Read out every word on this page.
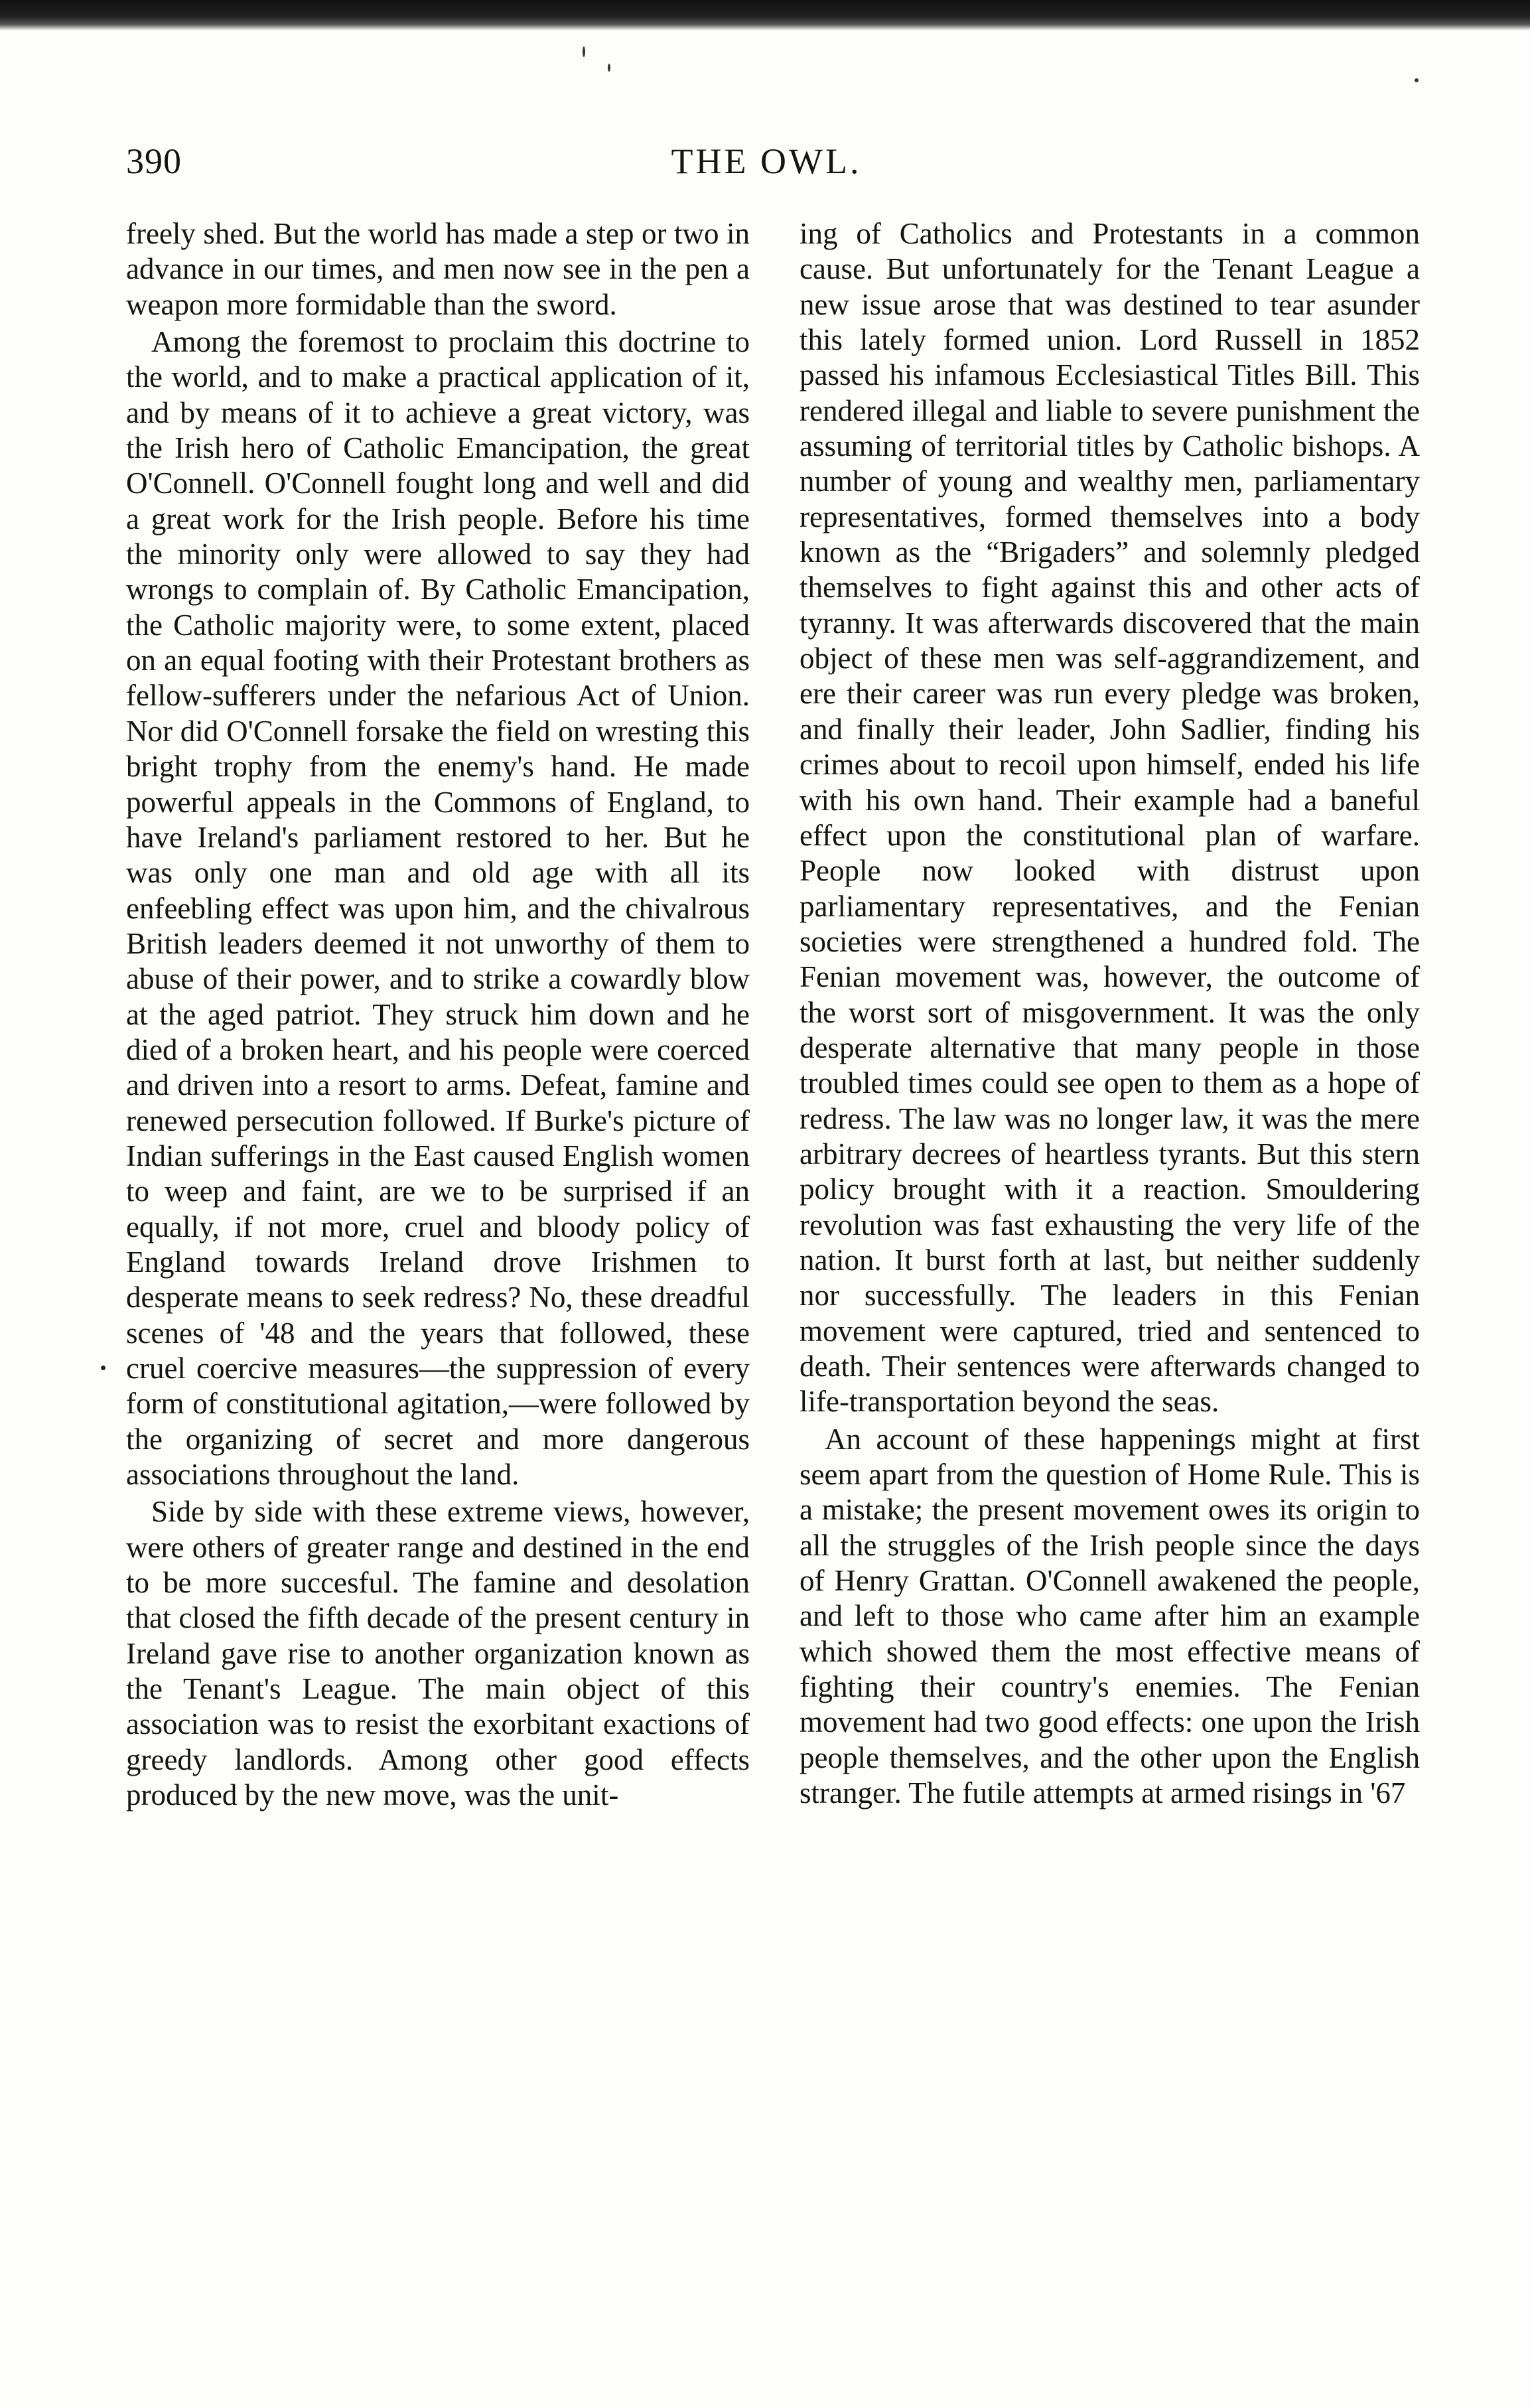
390	THE OWL.

freely shed. But the world has made a step or two in advance in our times, and men now see in the pen a weapon more formidable than the sword.

Among the foremost to proclaim this doctrine to the world, and to make a practical application of it, and by means of it to achieve a great victory, was the Irish hero of Catholic Emancipation, the great O'Connell. O'Connell fought long and well and did a great work for the Irish people. Before his time the minority only were allowed to say they had wrongs to complain of. By Catholic Emancipation, the Catholic majority were, to some extent, placed on an equal footing with their Protestant brothers as fellow-sufferers under the nefarious Act of Union. Nor did O'Connell forsake the field on wresting this bright trophy from the enemy's hand. He made powerful appeals in the Commons of England, to have Ireland's parliament restored to her. But he was only one man and old age with all its enfeebling effect was upon him, and the chivalrous British leaders deemed it not unworthy of them to abuse of their power, and to strike a cowardly blow at the aged patriot. They struck him down and he died of a broken heart, and his people were coerced and driven into a resort to arms. Defeat, famine and renewed persecution followed. If Burke's picture of Indian sufferings in the East caused English women to weep and faint, are we to be surprised if an equally, if not more, cruel and bloody policy of England towards Ireland drove Irishmen to desperate means to seek redress? No, these dreadful scenes of '48 and the years that followed, these cruel coercive measures—the suppression of every form of constitutional agitation,—were followed by the organizing of secret and more dangerous associations throughout the land.

Side by side with these extreme views, however, were others of greater range and destined in the end to be more succesful. The famine and desolation that closed the fifth decade of the present century in Ireland gave rise to another organization known as the Tenant's League. The main object of this association was to resist the exorbitant exactions of greedy landlords. Among other good effects produced by the new move, was the unit-

ing of Catholics and Protestants in a common cause. But unfortunately for the Tenant League a new issue arose that was destined to tear asunder this lately formed union. Lord Russell in 1852 passed his infamous Ecclesiastical Titles Bill. This rendered illegal and liable to severe punishment the assuming of territorial titles by Catholic bishops. A number of young and wealthy men, parliamentary representatives, formed themselves into a body known as the “Brigaders” and solemnly pledged themselves to fight against this and other acts of tyranny. It was afterwards discovered that the main object of these men was self-aggrandizement, and ere their career was run every pledge was broken, and finally their leader, John Sadlier, finding his crimes about to recoil upon himself, ended his life with his own hand. Their example had a baneful effect upon the constitutional plan of warfare. People now looked with distrust upon parliamentary representatives, and the Fenian societies were strengthened a hundred fold. The Fenian movement was, however, the outcome of the worst sort of misgovernment. It was the only desperate alternative that many people in those troubled times could see open to them as a hope of redress. The law was no longer law, it was the mere arbitrary decrees of heartless tyrants. But this stern policy brought with it a reaction. Smouldering revolution was fast exhausting the very life of the nation. It burst forth at last, but neither suddenly nor successfully. The leaders in this Fenian movement were captured, tried and sentenced to death. Their sentences were afterwards changed to life-transportation beyond the seas.

An account of these happenings might at first seem apart from the question of Home Rule. This is a mistake; the present movement owes its origin to all the struggles of the Irish people since the days of Henry Grattan. O'Connell awakened the people, and left to those who came after him an example which showed them the most effective means of fighting their country's enemies. The Fenian movement had two good effects: one upon the Irish people themselves, and the other upon the English stranger. The futile attempts at armed risings in '67
